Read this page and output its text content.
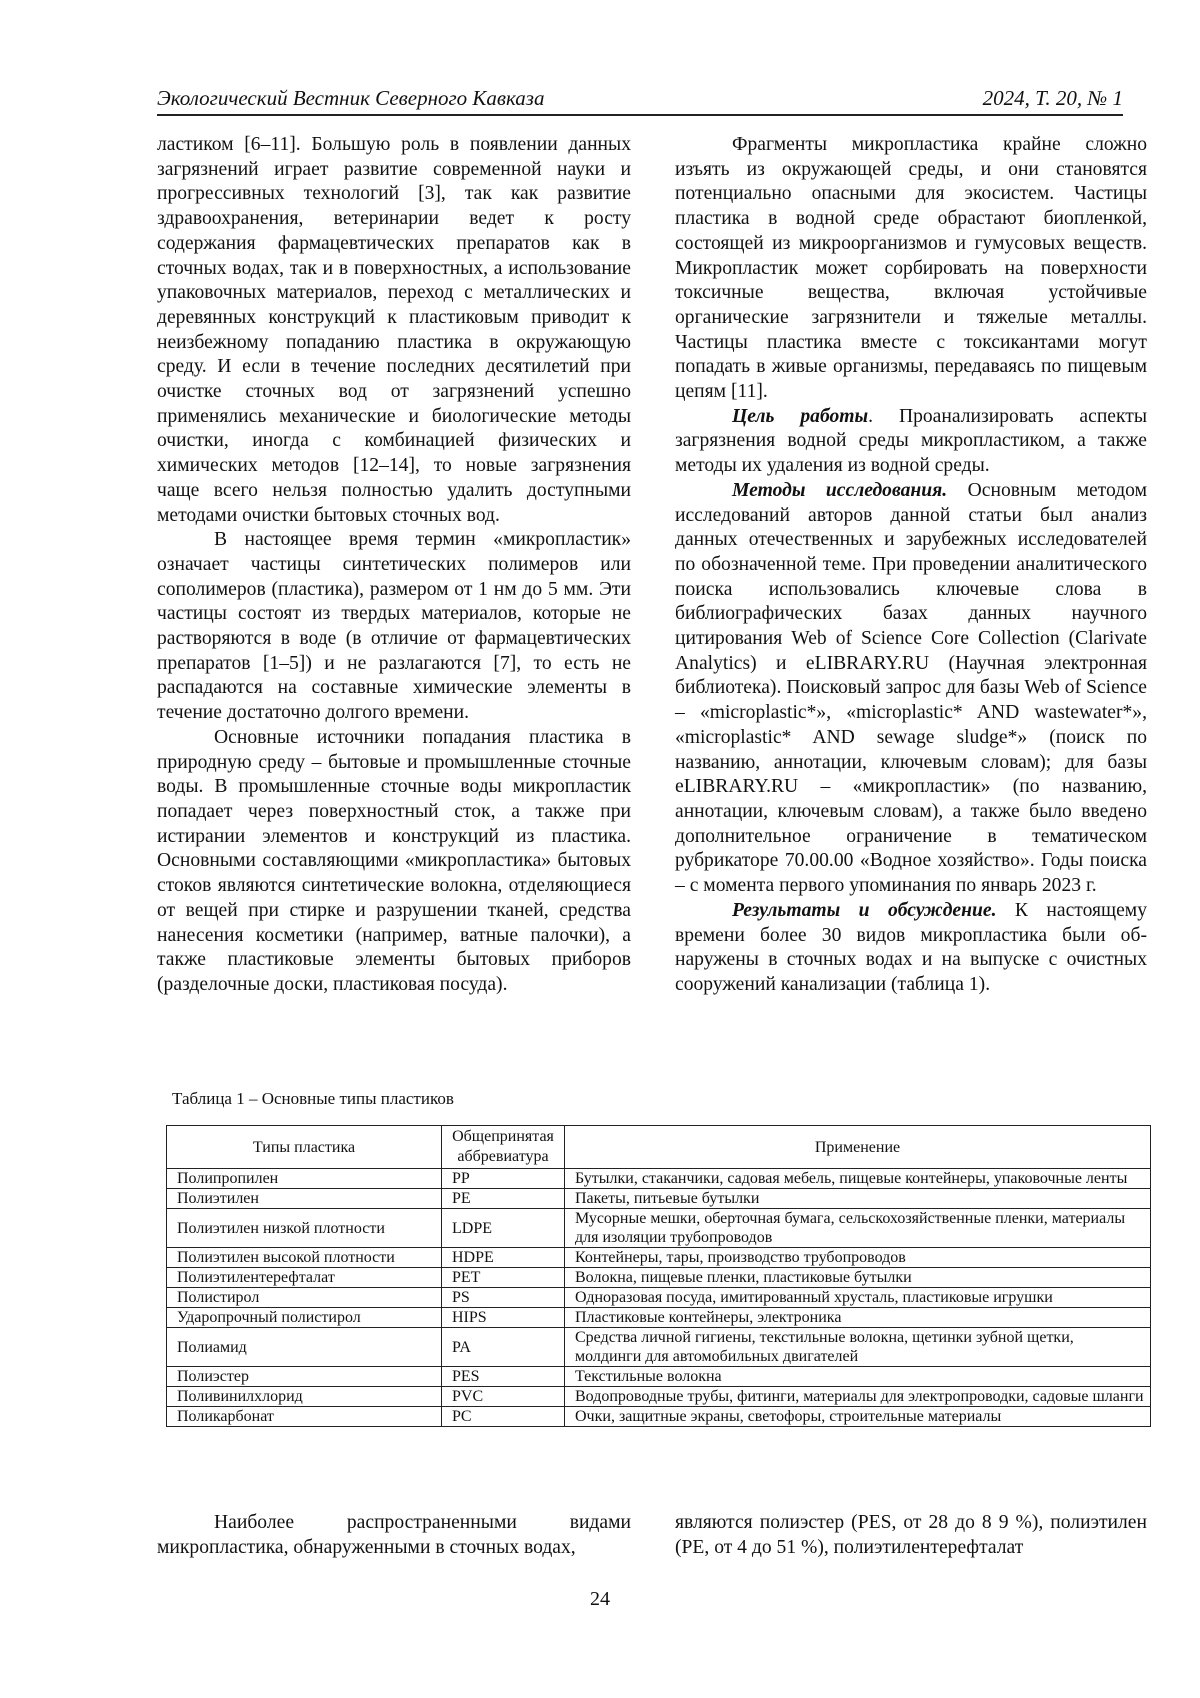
Экологический Вестник Северного Кавказа	2024, Т. 20, № 1

ластиком [6–11]. Большую роль в появлении данных загрязнений играет развитие современной науки и прогрессивных технологий [3], так как развитие здравоохранения, ветеринарии ведет к росту содержания фармацевтических препаратов как в сточных водах, так и в поверхностных, а использование упаковочных материалов, переход с металлических и деревянных конструкций к пластиковым приводит к неизбежному попаданию пластика в окружающую среду. И если в течение последних десятилетий при очистке сточных вод от загрязнений успешно применялись механические и биологические методы очистки, иногда с комбинацией физических и химических методов [12–14], то новые загрязнения чаще всего нельзя полностью удалить доступными методами очистки бытовых сточных вод.

В настоящее время термин «микропластик» означает частицы синтетических полимеров или сополимеров (пластика), размером от 1 нм до 5 мм. Эти частицы состоят из твердых материалов, которые не растворяются в воде (в отличие от фармацевтических препаратов [1–5]) и не разлагаются [7], то есть не распадаются на составные химические элементы в течение достаточно долгого времени.

Основные источники попадания пластика в природную среду – бытовые и промышленные сточные воды. В промышленные сточные воды микропластик попадает через поверхностный сток, а также при истирании элементов и конструкций из пластика. Основными составляющими «микропластика» бытовых стоков являются синтетические волокна, отделяющиеся от вещей при стирке и разрушении тканей, средства нанесения косметики (например, ватные палочки), а также пластиковые элементы бытовых приборов (разделочные доски, пластиковая посуда).

Фрагменты микропластика крайне сложно изъять из окружающей среды, и они становятся потенциально опасными для экосистем. Частицы пластика в водной среде обрастают биопленкой, состоящей из микроорганизмов и гумусовых веществ. Микропластик может сорбировать на поверхности токсичные вещества, включая устойчивые органические загрязнители и тяжелые металлы. Частицы пластика вместе с токсикантами могут попадать в живые организмы, передаваясь по пищевым цепям [11].

Цель работы. Проанализировать аспекты загрязнения водной среды микропластиком, а также методы их удаления из водной среды.

Методы исследования. Основным методом исследований авторов данной статьи был анализ данных отечественных и зарубежных исследователей по обозначенной теме. При проведении аналитического поиска использовались ключевые слова в библиографических базах данных научного цитирования Web of Science Core Collection (Clarivate Analytics) и eLIBRARY.RU (Научная электронная библиотека). Поисковый запрос для базы Web of Science – «microplastic*», «microplastic* AND wastewater*», «microplastic* AND sewage sludge*» (поиск по названию, аннотации, ключевым словам); для базы eLIBRARY.RU – «микропластик» (по названию, аннотации, ключевым словам), а также было введено дополнительное ограничение в тематическом рубрикаторе 70.00.00 «Водное хозяйство». Годы поиска – с момента первого упоминания по январь 2023 г.

Результаты и обсуждение. К настоящему времени более 30 видов микропластика были обнаружены в сточных водах и на выпуске с очистных сооружений канализации (таблица 1).

Таблица 1 – Основные типы пластиков
Типы пластика	Общепринятая аббревиатура	Применение
Полипропилен	PP	Бутылки, стаканчики, садовая мебель, пищевые контейнеры, упаковочные ленты
Полиэтилен	PE	Пакеты, питьевые бутылки
Полиэтилен низкой плотности	LDPE	Мусорные мешки, оберточная бумага, сельскохозяйственные пленки, материалы для изоляции трубопроводов
Полиэтилен высокой плотности	HDPE	Контейнеры, тары, производство трубопроводов
Полиэтилентерефталат	PET	Волокна, пищевые пленки, пластиковые бутылки
Полистирол	PS	Одноразовая посуда, имитированный хрусталь, пластиковые игрушки
Ударопрочный полистирол	HIPS	Пластиковые контейнеры, электроника
Полиамид	PA	Средства личной гигиены, текстильные волокна, щетинки зубной щетки, молдинги для автомобильных двигателей
Полиэстер	PES	Текстильные волокна
Поливинилхлорид	PVC	Водопроводные трубы, фитинги, материалы для электропроводки, садовые шланги
Поликарбонат	PC	Очки, защитные экраны, светофоры, строительные материалы

Наиболее распространенными видами микропластика, обнаруженными в сточных водах,

являются полиэстер (PES, от 28 до 8 9 %), полиэтилен (PE, от 4 до 51 %), полиэтилентерефталат

24
